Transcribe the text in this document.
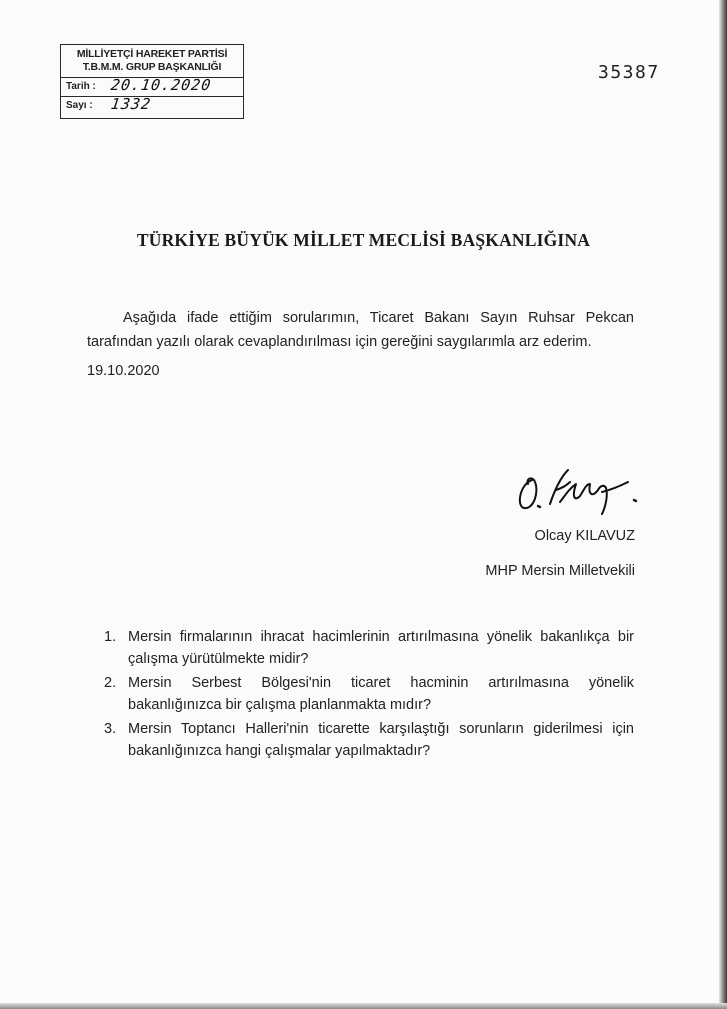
MİLLİYETÇİ HAREKET PARTİSİ
T.B.M.M. GRUP BAŞKANLIĞI
Tarih : 20.10.2020
Sayı : 1332
35387
TÜRKİYE BÜYÜK MİLLET MECLİSİ BAŞKANLIĞINA
Aşağıda ifade ettiğim sorularımın, Ticaret Bakanı Sayın Ruhsar Pekcan tarafından yazılı olarak cevaplandırılması için gereğini saygılarımla arz ederim.
19.10.2020
Olcay KILAVUZ
MHP Mersin Milletvekili
1. Mersin firmalarının ihracat hacimlerinin artırılmasına yönelik bakanlıkça bir çalışma yürütülmekte midir?
2. Mersin Serbest Bölgesi'nin ticaret hacminin artırılmasına yönelik bakanlığınızca bir çalışma planlanmakta mıdır?
3. Mersin Toptancı Halleri'nin ticarette karşılaştığı sorunların giderilmesi için bakanlığınızca hangi çalışmalar yapılmaktadır?
